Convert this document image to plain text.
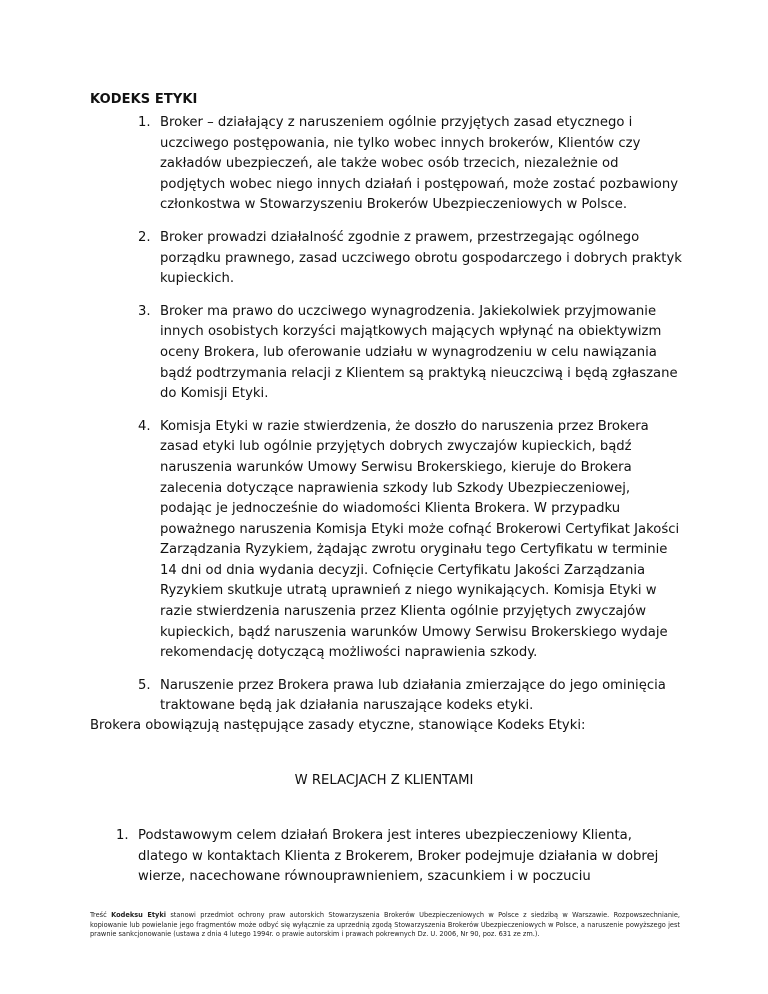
KODEKS ETYKI
1. Broker – działający z naruszeniem ogólnie przyjętych zasad etycznego i uczciwego postępowania, nie tylko wobec innych brokerów, Klientów czy zakładów ubezpieczeń, ale także wobec osób trzecich, niezależnie od podjętych wobec niego innych działań i postępowań, może zostać pozbawiony członkostwa w Stowarzyszeniu Brokerów Ubezpieczeniowych w Polsce.
2. Broker prowadzi działalność zgodnie z prawem, przestrzegając ogólnego porządku prawnego, zasad uczciwego obrotu gospodarczego i dobrych praktyk kupieckich.
3. Broker ma prawo do uczciwego wynagrodzenia. Jakiekolwiek przyjmowanie innych osobistych korzyści majątkowych mających wpłynąć na obiektywizm oceny Brokera, lub oferowanie udziału w wynagrodzeniu w celu nawiązania bądź podtrzymania relacji z Klientem są praktyką nieuczciwą i będą zgłaszane do Komisji Etyki.
4. Komisja Etyki w razie stwierdzenia, że doszło do naruszenia przez Brokera zasad etyki lub ogólnie przyjętych dobrych zwyczajów kupieckich, bądź naruszenia warunków Umowy Serwisu Brokerskiego, kieruje do Brokera zalecenia dotyczące naprawienia szkody lub Szkody Ubezpieczeniowej, podając je jednocześnie do wiadomości Klienta Brokera. W przypadku poważnego naruszenia Komisja Etyki może cofnąć Brokerowi Certyfikat Jakości Zarządzania Ryzykiem, żądając zwrotu oryginału tego Certyfikatu w terminie 14 dni od dnia wydania decyzji. Cofnięcie Certyfikatu Jakości Zarządzania Ryzykiem skutkuje utratą uprawnień z niego wynikających. Komisja Etyki w razie stwierdzenia naruszenia przez Klienta ogólnie przyjętych zwyczajów kupieckich, bądź naruszenia warunków Umowy Serwisu Brokerskiego wydaje rekomendację dotyczącą możliwości naprawienia szkody.
5. Naruszenie przez Brokera prawa lub działania zmierzające do jego ominięcia traktowane będą jak działania naruszające kodeks etyki.
Brokera obowiązują następujące zasady etyczne, stanowiące Kodeks Etyki:
W RELACJACH Z KLIENTAMI
1. Podstawowym celem działań Brokera jest interes ubezpieczeniowy Klienta, dlatego w kontaktach Klienta z Brokerem, Broker podejmuje działania w dobrej wierze, nacechowane równouprawnieniem, szacunkiem i w poczuciu
Treść Kodeksu Etyki stanowi przedmiot ochrony praw autorskich Stowarzyszenia Brokerów Ubezpieczeniowych w Polsce z siedzibą w Warszawie. Rozpowszechnianie, kopiowanie lub powielanie jego fragmentów może odbyć się wyłącznie za uprzednią zgodą Stowarzyszenia Brokerów Ubezpieczeniowych w Polsce, a naruszenie powyższego jest prawnie sankcjonowanie (ustawa z dnia 4 lutego 1994r. o prawie autorskim i prawach pokrewnych Dz. U. 2006, Nr 90, poz. 631 ze zm.).
